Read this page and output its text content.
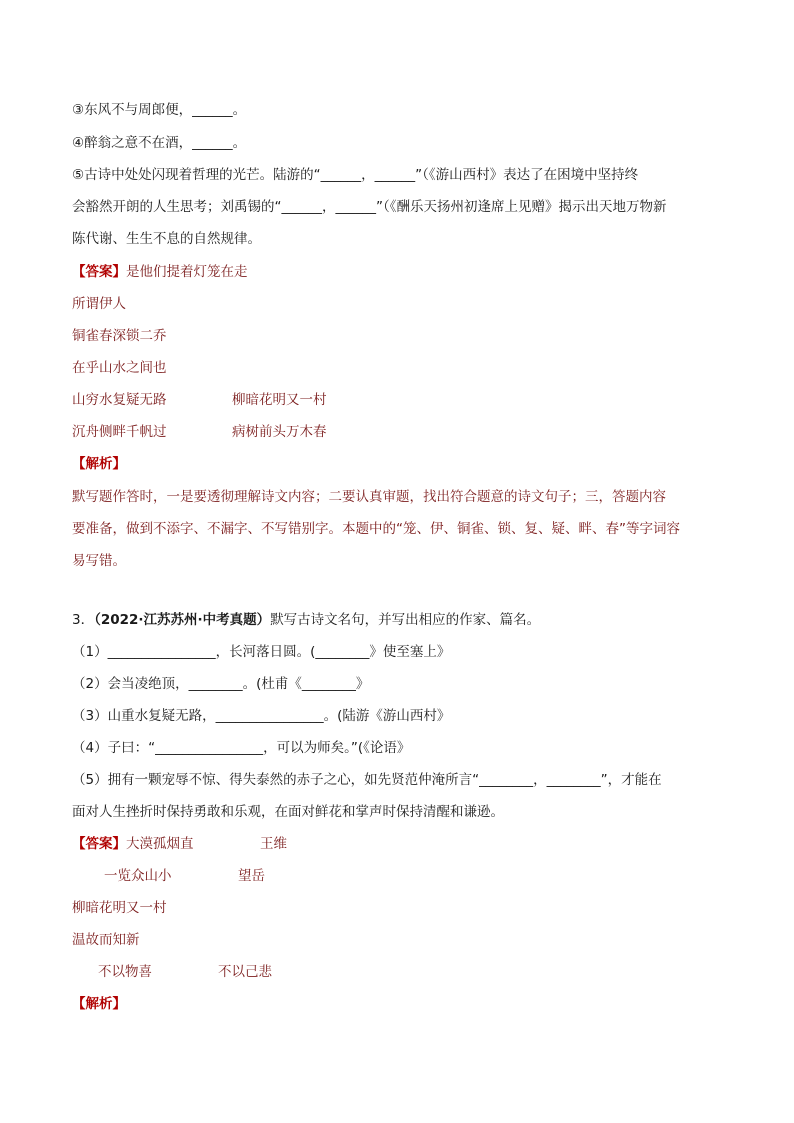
③东风不与周郎便，______。
④醉翁之意不在酒，______。
⑤古诗中处处闪现着哲理的光芒。陆游的“______，______”（《游山西村》表达了在困境中坚持终
会豁然开朗的人生思考；刘禹锡的“______，______”（《酬乐天扬州初逢席上见赠》揭示出天地万物新
陈代谢、生生不息的自然规律。
【答案】是他们提着灯笼在走
所谓伊人
铜雀春深锁二乔
在乎山水之间也
山穷水复疑无路	柳暗花明又一村
沉舟侧畔千帆过	病树前头万木春
【解析】
默写题作答时，一是要透彻理解诗文内容；二要认真审题，找出符合题意的诗文句子；三，答题内容
要准备，做到不添字、不漏字、不写错别字。本题中的“笼、伊、铜雀、锁、复、疑、畔、春”等字词容
易写错。
3．（2022·江苏苏州·中考真题）默写古诗文名句，并写出相应的作家、篇名。
（1）________________，长河落日圆。(________》使至塞上》
（2）会当凌绝顶，________。(杜甫《________》
（3）山重水复疑无路，________________。(陆游《游山西村》
（4）子曰：“________________，可以为师矣。”(《论语》
（5）拥有一颗宠辱不惊、得失泰然的赤子之心，如先贤范仲淹所言“________，________”，才能在
面对人生挫折时保持勇敢和乐观，在面对鲜花和掌声时保持清醒和谦逊。
【答案】大漠孤烟直	王维
一览众山小	望岳
柳暗花明又一村
温故而知新
不以物喜	不以己悲
【解析】
